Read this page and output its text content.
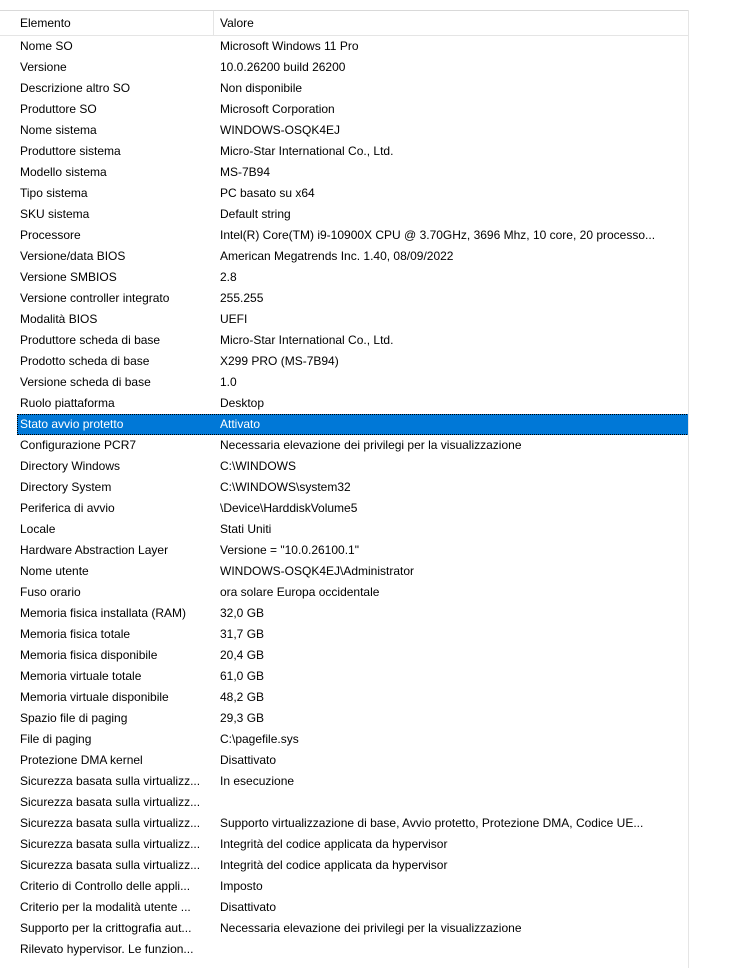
Elemento	Valore
Nome SO	Microsoft Windows 11 Pro
Versione	10.0.26200 build 26200
Descrizione altro SO	Non disponibile
Produttore SO	Microsoft Corporation
Nome sistema	WINDOWS-OSQK4EJ
Produttore sistema	Micro-Star International Co., Ltd.
Modello sistema	MS-7B94
Tipo sistema	PC basato su x64
SKU sistema	Default string
Processore	Intel(R) Core(TM) i9-10900X CPU @ 3.70GHz, 3696 Mhz, 10 core, 20 processo...
Versione/data BIOS	American Megatrends Inc. 1.40, 08/09/2022
Versione SMBIOS	2.8
Versione controller integrato	255.255
Modalità BIOS	UEFI
Produttore scheda di base	Micro-Star International Co., Ltd.
Prodotto scheda di base	X299 PRO (MS-7B94)
Versione scheda di base	1.0
Ruolo piattaforma	Desktop
Stato avvio protetto	Attivato
Configurazione PCR7	Necessaria elevazione dei privilegi per la visualizzazione
Directory Windows	C:\WINDOWS
Directory System	C:\WINDOWS\system32
Periferica di avvio	\Device\HarddiskVolume5
Locale	Stati Uniti
Hardware Abstraction Layer	Versione = "10.0.26100.1"
Nome utente	WINDOWS-OSQK4EJ\Administrator
Fuso orario	ora solare Europa occidentale
Memoria fisica installata (RAM)	32,0 GB
Memoria fisica totale	31,7 GB
Memoria fisica disponibile	20,4 GB
Memoria virtuale totale	61,0 GB
Memoria virtuale disponibile	48,2 GB
Spazio file di paging	29,3 GB
File di paging	C:\pagefile.sys
Protezione DMA kernel	Disattivato
Sicurezza basata sulla virtualizz...	In esecuzione
Sicurezza basata sulla virtualizz...
Sicurezza basata sulla virtualizz...	Supporto virtualizzazione di base, Avvio protetto, Protezione DMA, Codice UE...
Sicurezza basata sulla virtualizz...	Integrità del codice applicata da hypervisor
Sicurezza basata sulla virtualizz...	Integrità del codice applicata da hypervisor
Criterio di Controllo delle appli...	Imposto
Criterio per la modalità utente ...	Disattivato
Supporto per la crittografia aut...	Necessaria elevazione dei privilegi per la visualizzazione
Rilevato hypervisor. Le funzion...
